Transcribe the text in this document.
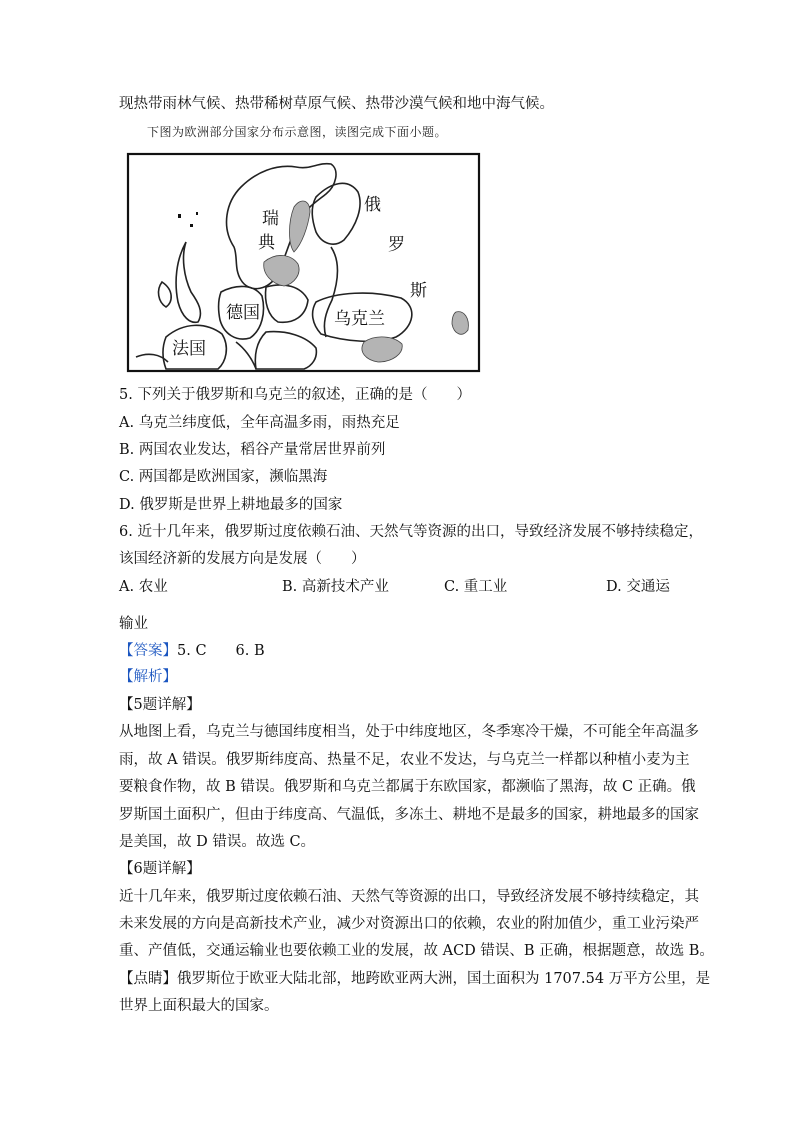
现热带雨林气候、热带稀树草原气候、热带沙漠气候和地中海气候。
下图为欧洲部分国家分布示意图，读图完成下面小题。
瑞
典
俄
罗
斯
德国	乌克兰
法国
5. 下列关于俄罗斯和乌克兰的叙述，正确的是（　　）
A. 乌克兰纬度低，全年高温多雨，雨热充足
B. 两国农业发达，稻谷产量常居世界前列
C. 两国都是欧洲国家，濒临黑海
D. 俄罗斯是世界上耕地最多的国家
6. 近十几年来，俄罗斯过度依赖石油、天然气等资源的出口，导致经济发展不够持续稳定，
该国经济新的发展方向是发展（　　）
A. 农业	B. 高新技术产业	C. 重工业	D. 交通运
输业
【答案】5. C　　6. B
【解析】
【5题详解】
从地图上看，乌克兰与德国纬度相当，处于中纬度地区，冬季寒冷干燥，不可能全年高温多
雨，故 A 错误。俄罗斯纬度高、热量不足，农业不发达，与乌克兰一样都以种植小麦为主
要粮食作物，故 B 错误。俄罗斯和乌克兰都属于东欧国家，都濒临了黑海，故 C 正确。俄
罗斯国土面积广，但由于纬度高、气温低，多冻土、耕地不是最多的国家，耕地最多的国家
是美国，故 D 错误。故选 C。
【6题详解】
近十几年来，俄罗斯过度依赖石油、天然气等资源的出口，导致经济发展不够持续稳定，其
未来发展的方向是高新技术产业，减少对资源出口的依赖，农业的附加值少，重工业污染严
重、产值低，交通运输业也要依赖工业的发展，故 ACD 错误、B 正确，根据题意，故选 B。
【点睛】俄罗斯位于欧亚大陆北部，地跨欧亚两大洲，国土面积为 1707.54 万平方公里，是
世界上面积最大的国家。
